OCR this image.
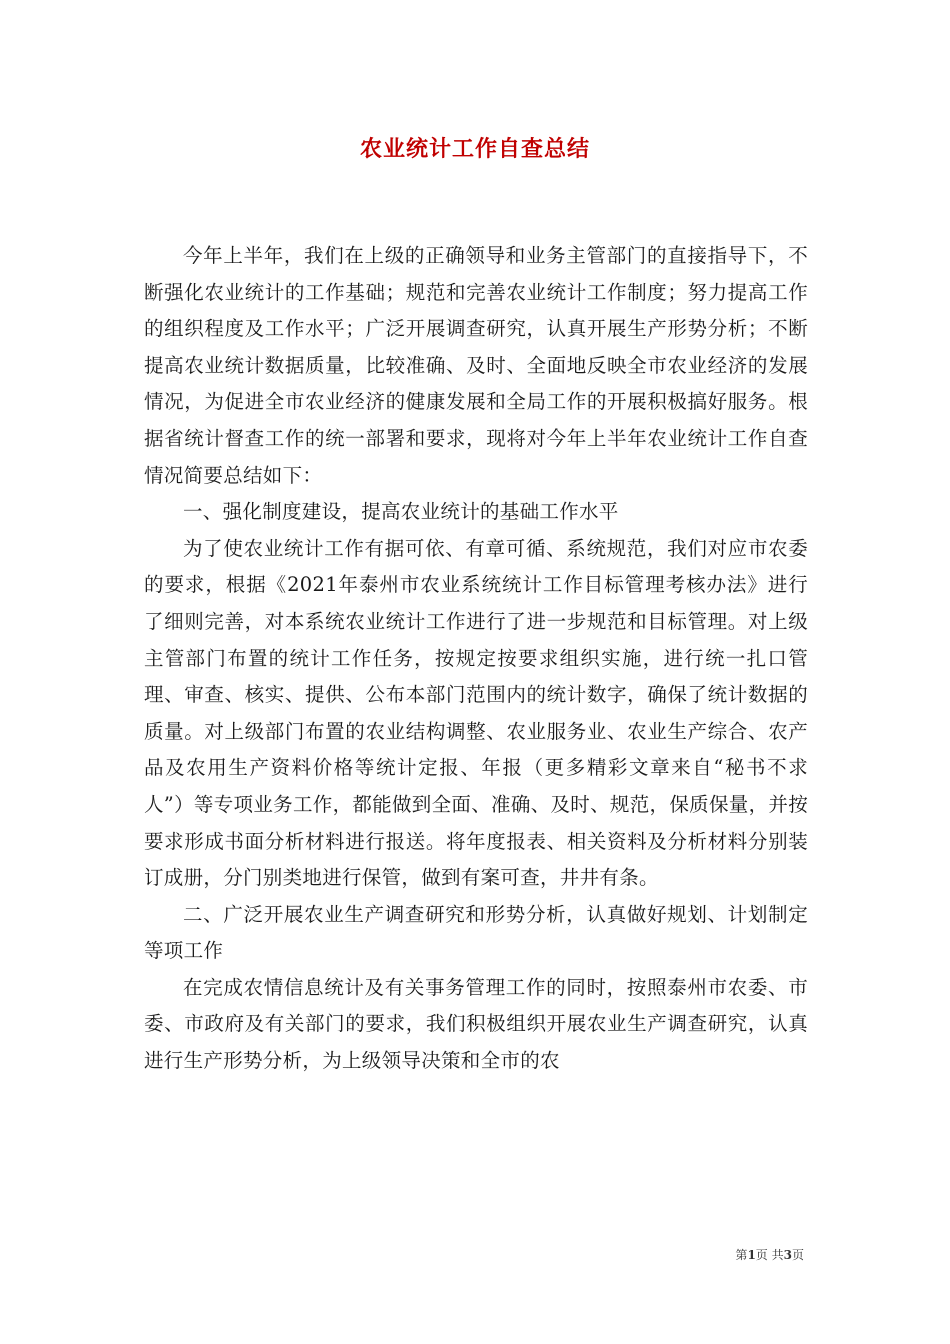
农业统计工作自查总结

今年上半年，我们在上级的正确领导和业务主管部门的直接指导下，不断强化农业统计的工作基础；规范和完善农业统计工作制度；努力提高工作的组织程度及工作水平；广泛开展调查研究，认真开展生产形势分析；不断提高农业统计数据质量，比较准确、及时、全面地反映全市农业经济的发展情况，为促进全市农业经济的健康发展和全局工作的开展积极搞好服务。根据省统计督查工作的统一部署和要求，现将对今年上半年农业统计工作自查情况简要总结如下：

一、强化制度建设，提高农业统计的基础工作水平

为了使农业统计工作有据可依、有章可循、系统规范，我们对应市农委的要求，根据《2021年泰州市农业系统统计工作目标管理考核办法》进行了细则完善，对本系统农业统计工作进行了进一步规范和目标管理。对上级主管部门布置的统计工作任务，按规定按要求组织实施，进行统一扎口管理、审查、核实、提供、公布本部门范围内的统计数字，确保了统计数据的质量。对上级部门布置的农业结构调整、农业服务业、农业生产综合、农产品及农用生产资料价格等统计定报、年报（更多精彩文章来自“秘书不求人”）等专项业务工作，都能做到全面、准确、及时、规范，保质保量，并按要求形成书面分析材料进行报送。将年度报表、相关资料及分析材料分别装订成册，分门别类地进行保管，做到有案可查，井井有条。

二、广泛开展农业生产调查研究和形势分析，认真做好规划、计划制定等项工作

在完成农情信息统计及有关事务管理工作的同时，按照泰州市农委、市委、市政府及有关部门的要求，我们积极组织开展农业生产调查研究，认真进行生产形势分析，为上级领导决策和全市的农

第1页 共3页
